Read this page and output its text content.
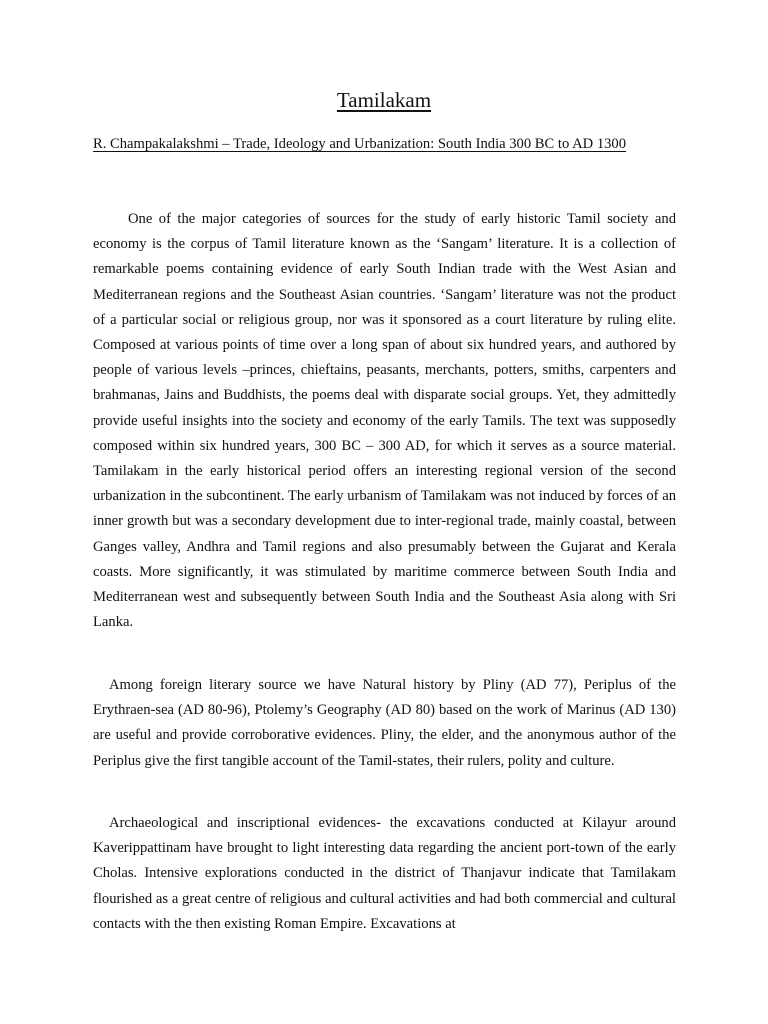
Tamilakam

R. Champakalakshmi – Trade, Ideology and Urbanization: South India 300 BC to AD 1300

One of the major categories of sources for the study of early historic Tamil society and economy is the corpus of Tamil literature known as the ‘Sangam’ literature. It is a collection of remarkable poems containing evidence of early South Indian trade with the West Asian and Mediterranean regions and the Southeast Asian countries. ‘Sangam’ literature was not the product of a particular social or religious group, nor was it sponsored as a court literature by ruling elite. Composed at various points of time over a long span of about six hundred years, and authored by people of various levels –princes, chieftains, peasants, merchants, potters, smiths, carpenters and brahmanas, Jains and Buddhists, the poems deal with disparate social groups. Yet, they admittedly provide useful insights into the society and economy of the early Tamils. The text was supposedly composed within six hundred years, 300 BC – 300 AD, for which it serves as a source material. Tamilakam in the early historical period offers an interesting regional version of the second urbanization in the subcontinent. The early urbanism of Tamilakam was not induced by forces of an inner growth but was a secondary development due to inter-regional trade, mainly coastal, between Ganges valley, Andhra and Tamil regions and also presumably between the Gujarat and Kerala coasts. More significantly, it was stimulated by maritime commerce between South India and Mediterranean west and subsequently between South India and the Southeast Asia along with Sri Lanka.

Among foreign literary source we have Natural history by Pliny (AD 77), Periplus of the Erythraen-sea (AD 80-96), Ptolemy’s Geography (AD 80) based on the work of Marinus (AD 130) are useful and provide corroborative evidences. Pliny, the elder, and the anonymous author of the Periplus give the first tangible account of the Tamil-states, their rulers, polity and culture.

Archaeological and inscriptional evidences- the excavations conducted at Kilayur around Kaverippattinam have brought to light interesting data regarding the ancient port-town of the early Cholas. Intensive explorations conducted in the district of Thanjavur indicate that Tamilakam flourished as a great centre of religious and cultural activities and had both commercial and cultural contacts with the then existing Roman Empire. Excavations at
